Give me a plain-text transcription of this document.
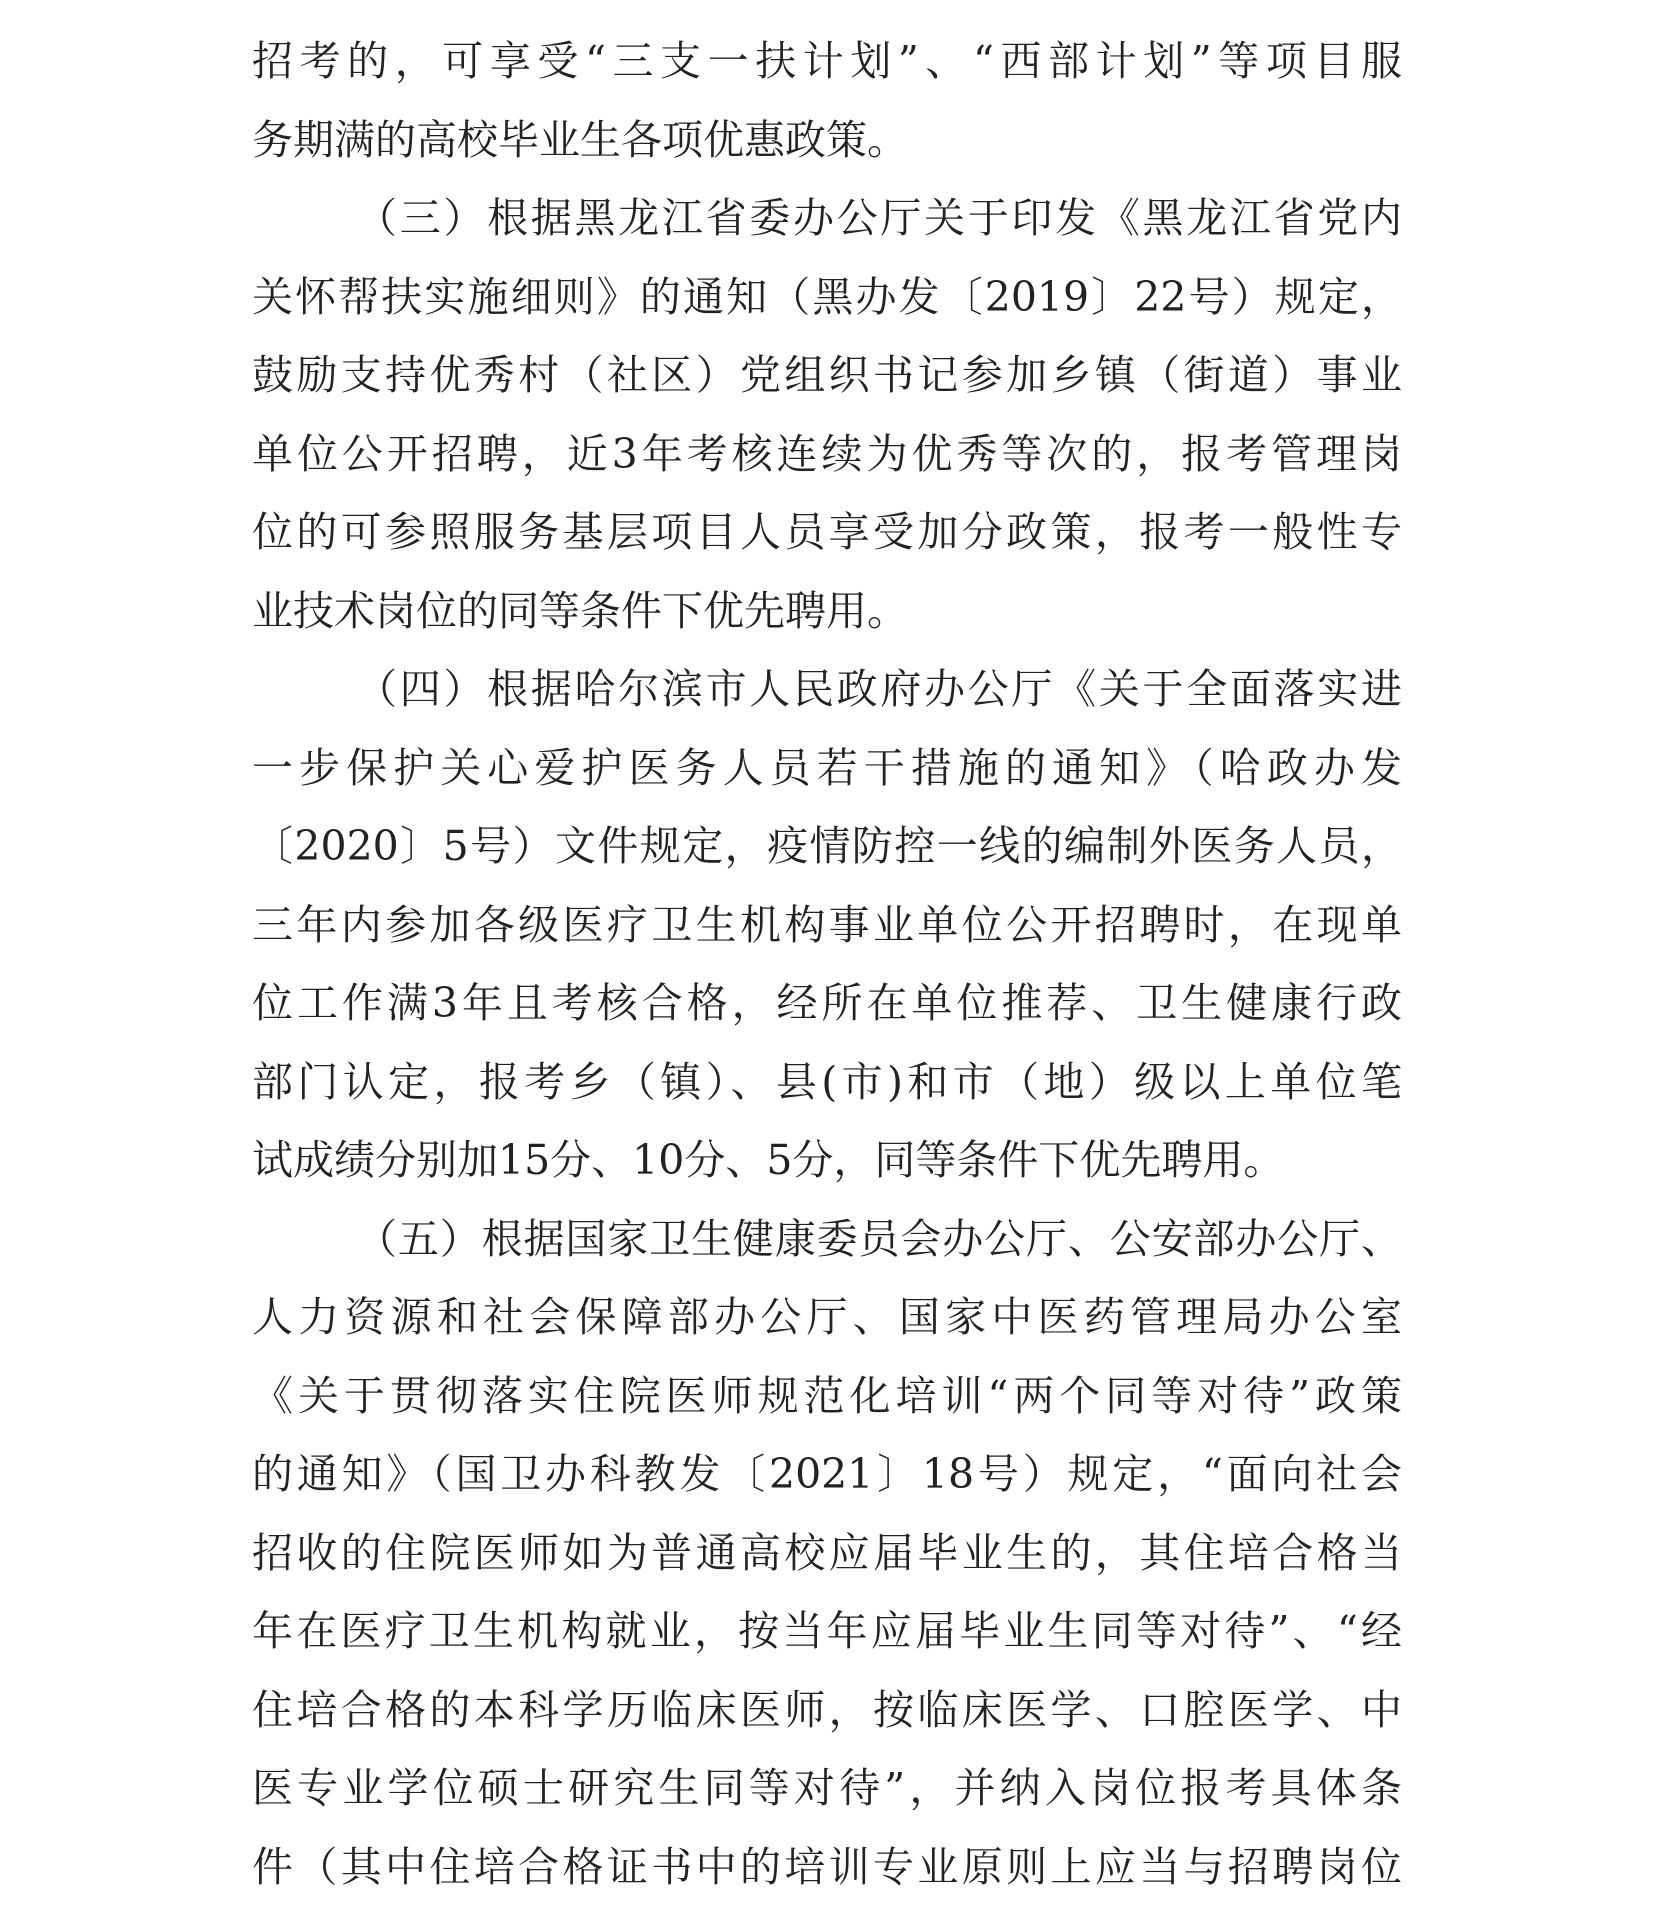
招考的，可享受“三支一扶计划”、“西部计划”等项目服
务期满的高校毕业生各项优惠政策。
（三）根据黑龙江省委办公厅关于印发《黑龙江省党内
关怀帮扶实施细则》的通知（黑办发〔2019〕22号）规定，
鼓励支持优秀村（社区）党组织书记参加乡镇（街道）事业
单位公开招聘，近3年考核连续为优秀等次的，报考管理岗
位的可参照服务基层项目人员享受加分政策，报考一般性专
业技术岗位的同等条件下优先聘用。
（四）根据哈尔滨市人民政府办公厅《关于全面落实进
一步保护关心爱护医务人员若干措施的通知》（哈政办发
〔2020〕5号）文件规定，疫情防控一线的编制外医务人员，
三年内参加各级医疗卫生机构事业单位公开招聘时，在现单
位工作满3年且考核合格，经所在单位推荐、卫生健康行政
部门认定，报考乡（镇）、县(市)和市（地）级以上单位笔
试成绩分别加15分、10分、5分，同等条件下优先聘用。
（五）根据国家卫生健康委员会办公厅、公安部办公厅、
人力资源和社会保障部办公厅、国家中医药管理局办公室
《关于贯彻落实住院医师规范化培训“两个同等对待”政策
的通知》（国卫办科教发〔2021〕18号）规定，“面向社会
招收的住院医师如为普通高校应届毕业生的，其住培合格当
年在医疗卫生机构就业，按当年应届毕业生同等对待”、“经
住培合格的本科学历临床医师，按临床医学、口腔医学、中
医专业学位硕士研究生同等对待”，并纳入岗位报考具体条
件（其中住培合格证书中的培训专业原则上应当与招聘岗位
